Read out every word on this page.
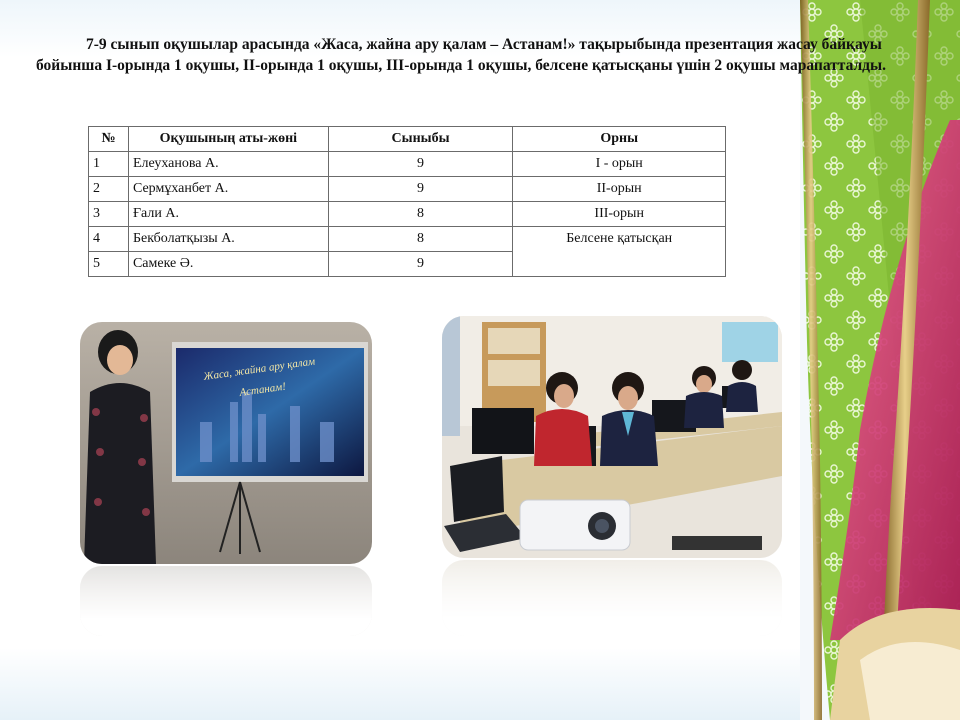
7-9 сынып оқушылар арасында «Жаса, жайна ару қалам – Астанам!» тақырыбында презентация жасау байқауы бойынша I-орында 1 оқушы, II-орында 1 оқушы, III-орында 1 оқушы, белсене қатысқаны үшін 2 оқушы марапатталды.
№	Оқушының аты-жөні	Сыныбы	Орны
1	Елеуханова А.	9	I - орын
2	Сермұханбет А.	9	II-орын
3	Ғали А.	8	III-орын
4	Бекболатқызы А.	8	Белсене қатысқан
5	Самеке Ә.	9	
Жаса, жайна ару қалам
Астанам!
